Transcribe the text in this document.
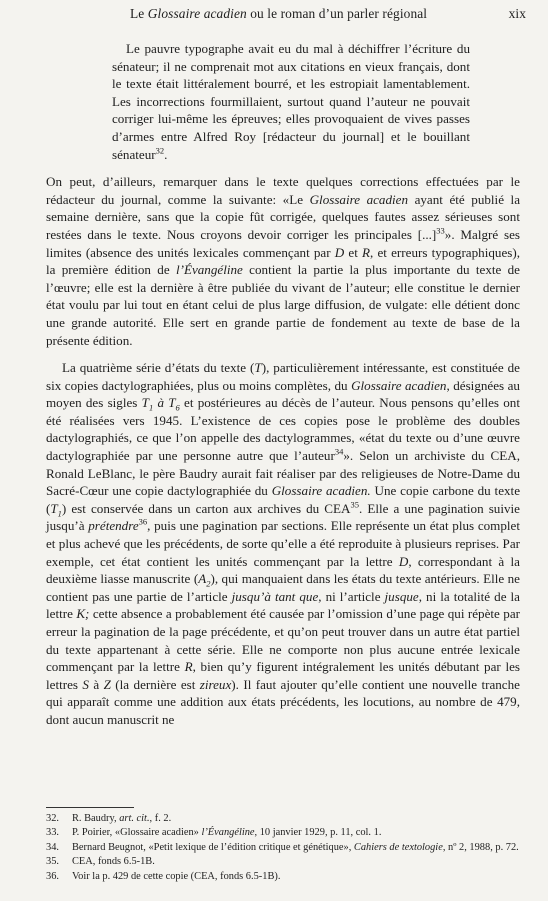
Le Glossaire acadien ou le roman d’un parler régional	xix

Le pauvre typographe avait eu du mal à déchiffrer l’écriture du sénateur; il ne comprenait mot aux citations en vieux français, dont le texte était littéralement bourré, et les estropiait lamentablement. Les incorrections fourmillaient, surtout quand l’auteur ne pouvait corriger lui-même les épreuves; elles provoquaient de vives passes d’armes entre Alfred Roy [rédacteur du journal] et le bouillant sénateur$^{32}$.

On peut, d’ailleurs, remarquer dans le texte quelques corrections effectuées par le rédacteur du journal, comme la suivante: «Le Glossaire acadien ayant été publié la semaine dernière, sans que la copie fût corrigée, quelques fautes assez sérieuses sont restées dans le texte. Nous croyons devoir corriger les principales [...]$^{33}$». Malgré ses limites (absence des unités lexicales commençant par D et R, et erreurs typographiques), la première édition de l’Évangéline contient la partie la plus importante du texte de l’œuvre; elle est la dernière à être publiée du vivant de l’auteur; elle constitue le dernier état voulu par lui tout en étant celui de plus large diffusion, de vulgate: elle détient donc une grande autorité. Elle sert en grande partie de fondement au texte de base de la présente édition.

La quatrième série d’états du texte (T), particulièrement intéressante, est constituée de six copies dactylographiées, plus ou moins complètes, du Glossaire acadien, désignées au moyen des sigles $T_1$ à $T_6$ et postérieures au décès de l’auteur. Nous pensons qu’elles ont été réalisées vers 1945. L’existence de ces copies pose le problème des doubles dactylographiés, ce que l’on appelle des dactylogrammes, «état du texte ou d’une œuvre dactylographiée par une personne autre que l’auteur$^{34}$». Selon un archiviste du CEA, Ronald LeBlanc, le père Baudry aurait fait réaliser par des religieuses de Notre-Dame du Sacré-Cœur une copie dactylographiée du Glossaire acadien. Une copie carbone du texte $(T_1)$ est conservée dans un carton aux archives du CEA$^{35}$. Elle a une pagination suivie jusqu’à prétendre$^{36}$, puis une pagination par sections. Elle représente un état plus complet et plus achevé que les précédents, de sorte qu’elle a été reproduite à plusieurs reprises. Par exemple, cet état contient les unités commençant par la lettre D, correspondant à la deuxième liasse manuscrite $(A_2)$, qui manquaient dans les états du texte antérieurs. Elle ne contient pas une partie de l’article jusqu’à tant que, ni l’article jusque, ni la totalité de la lettre K; cette absence a probablement été causée par l’omission d’une page qui répète par erreur la pagination de la page précédente, et qu’on peut trouver dans un autre état partiel du texte appartenant à cette série. Elle ne comporte non plus aucune entrée lexicale commençant par la lettre R, bien qu’y figurent intégralement les unités débutant par les lettres S à Z (la dernière est zireux). Il faut ajouter qu’elle contient une nouvelle tranche qui apparaît comme une addition aux états précédents, les locutions, au nombre de 479, dont aucun manuscrit ne

32.	R. Baudry, art. cit., f. 2.
33.	P. Poirier, «Glossaire acadien» l’Évangéline, 10 janvier 1929, p. 11, col. 1.
34.	Bernard Beugnot, «Petit lexique de l’édition critique et génétique», Cahiers de textologie, nº 2, 1988, p. 72.
35.	CEA, fonds 6.5-1B.
36.	Voir la p. 429 de cette copie (CEA, fonds 6.5-1B).
